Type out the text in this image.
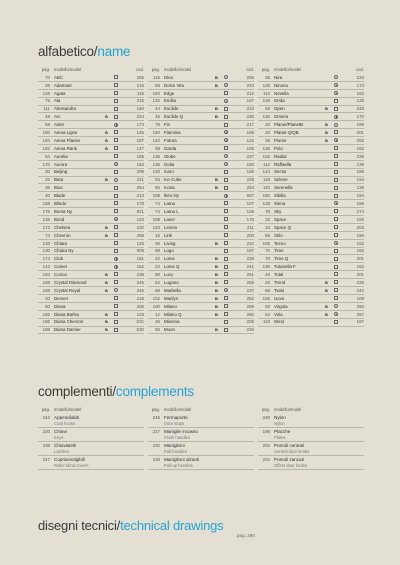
alfabetico/name
pag. modello/model	cod.
70 ABC	255
26 Adamant	216
126 Agata	116
75 Ala	215
111 Alessandra	150
48 Arc	B	224
58 Aster	174
190 Atena Ligne	B	145
194 Atena Planier	B	187
192 Atena Rank	B	147
54 Aurelia	165
170 Aurora	164
30 Beijing	209
32 Beta	B	221
36 Bios	264
40 Blade	213
158 Blindo	178
176 Boma Ny	921
136 Bond	163
172 Chelsea	B	232
74 Chevron	B	258
136 Chiara	125
130 Chiara Ny	909
174 Club	161
142 Comet	182
194 Conca	B	236
188 Crystal Diamond	B	245
188 Crystal Royal	B	246
20 Denver	218
80 Diana	206
186 Diana Barley	B	103
186 Diana Chevron	B	10C
188 Diana Damier	B	10D
pag. modello/model	cod.
116 Diva	B	256
88 Dolce Vita	B	243
150 Edge	212
132 Emilia	167
44 Euclide	B	223
46 Euclide Q	B	230
78 Fin	217
150 Flaminia	169
142 Futura	122
98 Garda	105
136 Globe	227
136 Golia	160
120 Icaro	168
84 Ice Cube	B	229
86 Icona	B	254
108 Ikeo Ny	907
74 Lama	107
74 Lama L	106
108 Laser	176
124 Lesmo	211
16 Link	200
96 Living	B	222
98 Logo	197
22 Lotus	B	238
24 Lotus Q	B	241
90 Lucy	B	251
52 Lugano	B	258
56 Marbella	B	237
102 Marilyn	B	252
100 Milano	B	259
12 Milano Q	B	260
26 Minerva	205
60 Moon	B	226
pag. modello/model	cod.
36 Nira	234
126 Ninona	173
112 Novella	183
128 Onda	125
58 Open	B	249
130 Orvieto	170
20 Planet/PlanetB	B	195
20 Planet Q/QB	B	201
36 Piume	B	253
138 Polo	152
102 Radial	235
112 Raffaella	138
144 Sector	186
118 Selene	194
110 Serenella	136
150 Sibilla	194
128 Siena	189
78 Sky	274
32 Space	193
34 Space Q	203
66 Stilo	190
106 Tecno	162
76 Time	192
78 Time Q	201
130 Tutanella F	152
48 Total	201
28 Trend	B	226
66 Twist	B	242
156 Uovo	108
50 Virgola	B	250
54 Vola	B	257
118 Wind	187
complementi/complements
pag. modello/model
242 Appendiabiti
Coat hooks
220 Chiavi
Keys
238 Chiavistelli
Latches
247 Copriavvolgibili
Roller blind covers
pag. modello/model
246 Fermaporte
Door stops
217 Maniglie incasso
Flush handles
232 Maniglioni
Pull handles
238 Maniglioni alzanti
Pull-up handles
pag. modello/model
248 Nylon
Nylon
198 Placche
Plates
202 Pomoli centrali
Central door knobs
202 Pomoli zancati
Offset door knobs
disegni tecnici/technical drawings
pag. 290
